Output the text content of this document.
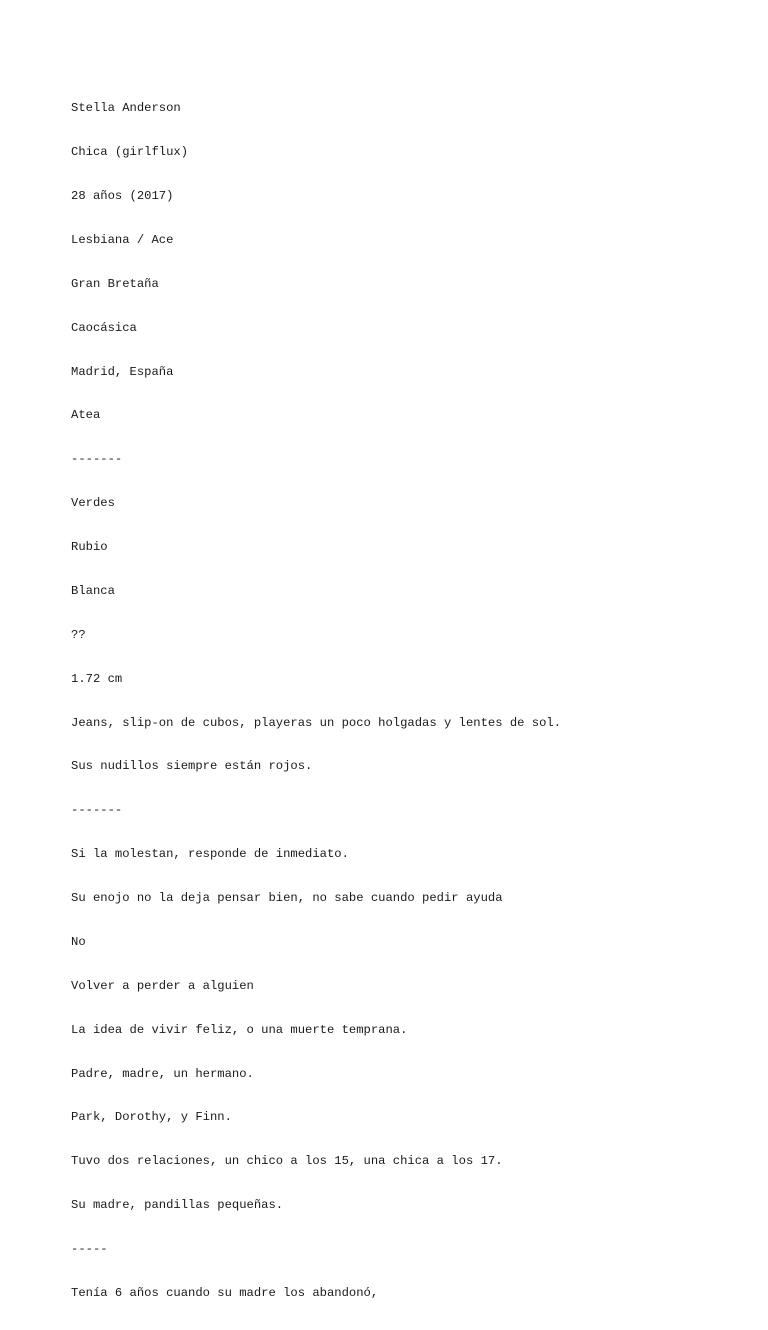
Stella Anderson

Chica (girlflux)

28 años (2017)

Lesbiana / Ace

Gran Bretaña

Caocásica

Madrid, España

Atea

-------

Verdes

Rubio

Blanca

??

1.72 cm

Jeans, slip-on de cubos, playeras un poco holgadas y lentes de sol.

Sus nudillos siempre están rojos.

-------

Si la molestan, responde de inmediato.

Su enojo no la deja pensar bien, no sabe cuando pedir ayuda

No

Volver a perder a alguien

La idea de vivir feliz, o una muerte temprana.

Padre, madre, un hermano.

Park, Dorothy, y Finn.

Tuvo dos relaciones, un chico a los 15, una chica a los 17.

Su madre, pandillas pequeñas.

-----

Tenía 6 años cuando su madre los abandonó,
